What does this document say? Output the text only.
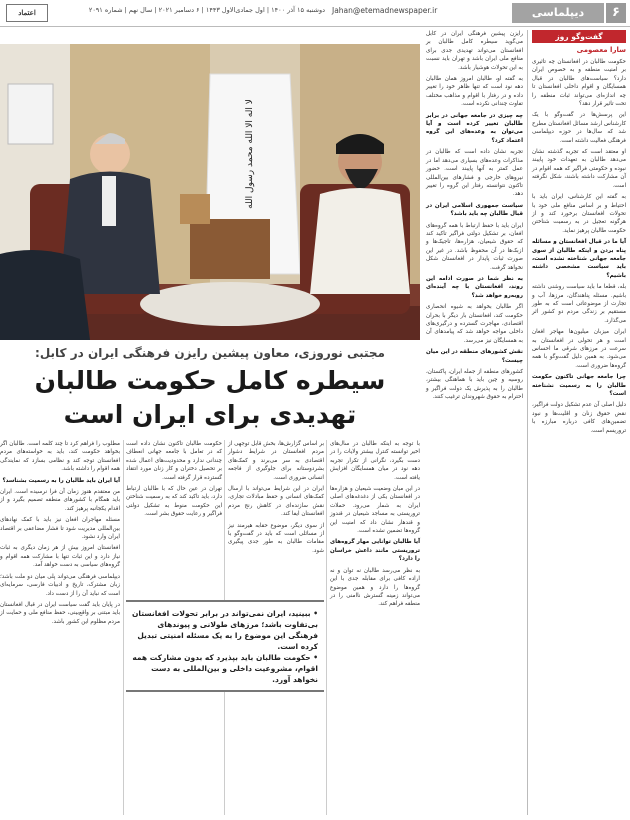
۶
دیپلماسی
Jahan@etemadnewspaper.ir
دوشنبه ۱۵ آذر ۱۴۰۰ | اول جمادی‌الاول ۱۴۴۳ | ۶ دسامبر ۲۰۲۱ | سال نهم | شماره ۲۰۹۱
اعتماد
گفت‌وگو روز
سارا معصومی

حکومت طالبان در افغانستان چه تاثیری بر امنیت منطقه و به خصوص ایران دارد؟ سیاست‌های طالبان در قبال همسایگان و اقوام داخلی افغانستان تا چه اندازه‌ای می‌تواند ثبات منطقه را تحت تاثیر قرار دهد؟

این پرسش‌ها در گفت‌وگو با یک کارشناس ارشد مسائل افغانستان مطرح شد که سال‌ها در حوزه دیپلماسی فرهنگی فعالیت داشته است.

او معتقد است که تجربه گذشته نشان می‌دهد طالبان به تعهدات خود پایبند نبوده و حکومتی فراگیر که همه اقوام در آن مشارکت داشته باشند، شکل نگرفته است.

به گفته این کارشناس، ایران باید با احتیاط و بر اساس منافع ملی خود با تحولات افغانستان برخورد کند و از هرگونه تعجیل در به رسمیت شناختن حکومت طالبان پرهیز نماید.

آیا ما در قبال افغانستان و مسائله پناه بردن و اینکه طالبان از سوی جامعه جهانی شناخته نشده است، باید سیاست مشخصی داشته باشیم؟

بله، قطعا ما باید سیاست روشنی داشته باشیم. مسئله پناهندگان، مرزها، آب و تجارت از موضوعاتی است که به طور مستقیم بر زندگی مردم دو کشور اثر می‌گذارد.

ایران میزبان میلیون‌ها مهاجر افغان است و هر تحولی در افغانستان به سرعت در مرزهای شرقی ما احساس می‌شود. به همین دلیل گفت‌وگو با همه گروه‌ها ضروری است.

چرا جامعه جهانی تاکنون حکومت طالبان را به رسمیت نشناخته است؟

دلیل اصلی آن عدم تشکیل دولت فراگیر، نقض حقوق زنان و اقلیت‌ها و نبود تضمین‌های کافی درباره مبارزه با تروریسم است.

لا اله الا الله محمد رسول الله

رایزن پیشین فرهنگی ایران در کابل می‌گوید سیطره کامل طالبان بر افغانستان می‌تواند تهدیدی جدی برای منافع ملی ایران باشد و تهران باید نسبت به این تحولات هوشیار باشد.

به گفته او، طالبان امروز همان طالبان دهه نود است که تنها ظاهر خود را تغییر داده و در رفتار با اقوام و مذاهب مختلف تفاوت چندانی نکرده است.

چه چیزی در جامعه جهانی در برابر طالبان تغییر کرده است و آیا می‌توان به وعده‌های این گروه اعتماد کرد؟

تجربه نشان داده است که طالبان در مذاکرات وعده‌های بسیاری می‌دهد اما در عمل کمتر به آنها پایبند است. حضور نیروهای خارجی و فشارهای بین‌المللی تاکنون نتوانسته رفتار این گروه را تغییر دهد.

سیاست جمهوری اسلامی ایران در قبال طالبان چه باید باشد؟

ایران باید با حفظ ارتباط با همه گروه‌های افغان، بر تشکیل دولتی فراگیر تاکید کند که حقوق شیعیان، هزاره‌ها، تاجیک‌ها و ازبک‌ها در آن محفوظ باشد. در غیر این صورت ثبات پایدار در افغانستان شکل نخواهد گرفت.

به نظر شما در صورت ادامه این روند، افغانستان با چه آینده‌ای روبه‌رو خواهد شد؟

اگر طالبان بخواهد به شیوه انحصاری حکومت کند، افغانستان بار دیگر با بحران اقتصادی، مهاجرت گسترده و درگیری‌های داخلی مواجه خواهد شد که پیامدهای آن به همسایگان نیز می‌رسد.

نقش کشورهای منطقه در این میان چیست؟

کشورهای منطقه از جمله ایران، پاکستان، روسیه و چین باید با هماهنگی بیشتر، طالبان را به پذیرش یک دولت فراگیر و احترام به حقوق شهروندان ترغیب کنند.

مجتبی نوروزی، معاون پیشین رایزن فرهنگی ایران در کابل:
سیطره کامل حکومت طالبان
تهدیدی برای ایران است

با توجه به اینکه طالبان در سال‌های اخیر توانسته کنترل بیشتر ولایات را در دست بگیرد، نگرانی از تکرار تجربه دهه نود در میان همسایگان افزایش یافته است.

در این میان وضعیت شیعیان و هزاره‌ها در افغانستان یکی از دغدغه‌های اصلی ایران به شمار می‌رود. حملات تروریستی به مساجد شیعیان در قندوز و قندهار نشان داد که امنیت این گروه‌ها تضمین نشده است.

آیا طالبان توانایی مهار گروه‌های تروریستی مانند داعش خراسان را دارد؟

به نظر می‌رسد طالبان نه توان و نه اراده کافی برای مقابله جدی با این گروه‌ها را دارد و همین موضوع می‌تواند زمینه گسترش ناامنی را در منطقه فراهم کند.

بر اساس گزارش‌ها، بخش قابل توجهی از مردم افغانستان در شرایط دشوار اقتصادی به سر می‌برند و کمک‌های بشردوستانه برای جلوگیری از فاجعه انسانی ضروری است.

ایران در این شرایط می‌تواند با ارسال کمک‌های انسانی و حفظ مبادلات تجاری، نقش سازنده‌ای در کاهش رنج مردم افغانستان ایفا کند.

از سوی دیگر، موضوع حقابه هیرمند نیز از مسائلی است که باید در گفت‌وگو با مقامات طالبان به طور جدی پیگیری شود.

حکومت طالبان تاکنون نشان داده است که در تعامل با جامعه جهانی انعطاف چندانی ندارد و محدودیت‌های اعمال شده بر تحصیل دختران و کار زنان مورد انتقاد گسترده قرار گرفته است.

تهران در عین حال که با طالبان ارتباط دارد، باید تاکید کند که به رسمیت شناختن این حکومت منوط به تشکیل دولتی فراگیر و رعایت حقوق بشر است.

مطلوب را فراهم کرد تا چند کلمه است. طالبان اگر بخواهد حکومت کند، باید به خواسته‌های مردم افغانستان توجه کند و نظامی بسازد که نمایندگی همه اقوام را داشته باشد.

آیا ایران باید طالبان را به رسمیت بشناسد؟

من معتقدم هنوز زمان آن فرا نرسیده است. ایران باید همگام با کشورهای منطقه تصمیم بگیرد و از اقدام یکجانبه پرهیز کند.

مسئله مهاجران افغان نیز باید با کمک نهادهای بین‌المللی مدیریت شود تا فشار مضاعفی بر اقتصاد ایران وارد نشود.

افغانستان امروز بیش از هر زمان دیگری به ثبات نیاز دارد و این ثبات تنها با مشارکت همه اقوام و گروه‌های سیاسی به دست خواهد آمد.

دیپلماسی فرهنگی می‌تواند پلی میان دو ملت باشد؛ زبان مشترک، تاریخ و ادبیات فارسی، سرمایه‌ای است که نباید آن را از دست داد.

در پایان باید گفت سیاست ایران در قبال افغانستان باید مبتنی بر واقع‌بینی، حفظ منافع ملی و حمایت از مردم مظلوم این کشور باشد.

• ببینید، ایران نمی‌تواند در برابر تحولات افغانستان بی‌تفاوت باشد؛ مرزهای طولانی و پیوندهای فرهنگی این موضوع را به یک مسئله امنیتی تبدیل کرده است.

• حکومت طالبان باید بپذیرد که بدون مشارکت همه اقوام، مشروعیت داخلی و بین‌المللی به دست نخواهد آورد.
